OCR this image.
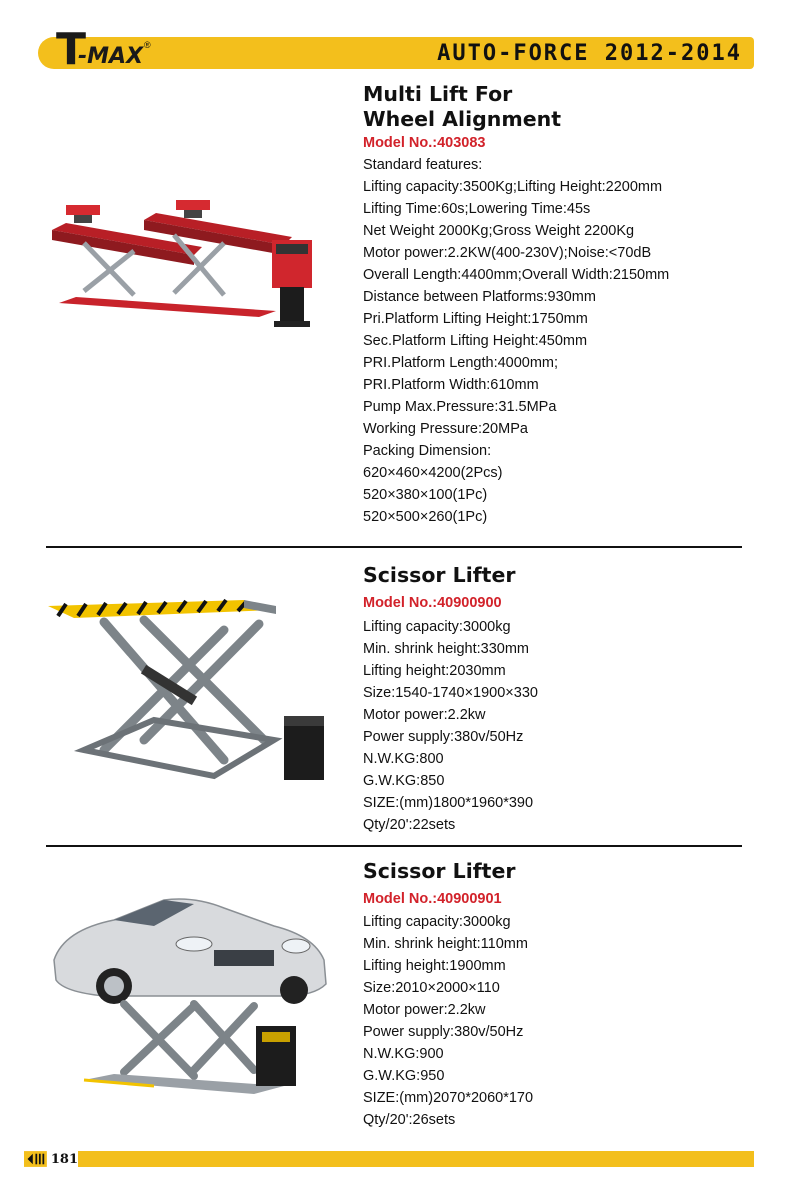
T
-MAX ®	AUTO-FORCE 2012-2014
Multi Lift For
Wheel Alignment
Model No.:403083
Standard features:
Lifting capacity:3500Kg;Lifting Height:2200mm
Lifting Time:60s;Lowering Time:45s
Net Weight 2000Kg;Gross Weight 2200Kg
Motor power:2.2KW(400-230V);Noise:<70dB
Overall Length:4400mm;Overall Width:2150mm
Distance between Platforms:930mm
Pri.Platform Lifting Height:1750mm
Sec.Platform Lifting Height:450mm
PRI.Platform Length:4000mm;
PRI.Platform Width:610mm
Pump Max.Pressure:31.5MPa
Working Pressure:20MPa
Packing Dimension:
620×460×4200(2Pcs)
520×380×100(1Pc)
520×500×260(1Pc)
Scissor Lifter
Model No.:40900900
Lifting capacity:3000kg
Min. shrink height:330mm
Lifting height:2030mm
Size:1540-1740×1900×330
Motor power:2.2kw
Power supply:380v/50Hz
N.W.KG:800
G.W.KG:850
SIZE:(mm)1800*1960*390
Qty/20':22sets
Scissor Lifter
Model No.:40900901
Lifting capacity:3000kg
Min. shrink height:110mm
Lifting height:1900mm
Size:2010×2000×110
Motor power:2.2kw
Power supply:380v/50Hz
N.W.KG:900
G.W.KG:950
SIZE:(mm)2070*2060*170
Qty/20':26sets
181
